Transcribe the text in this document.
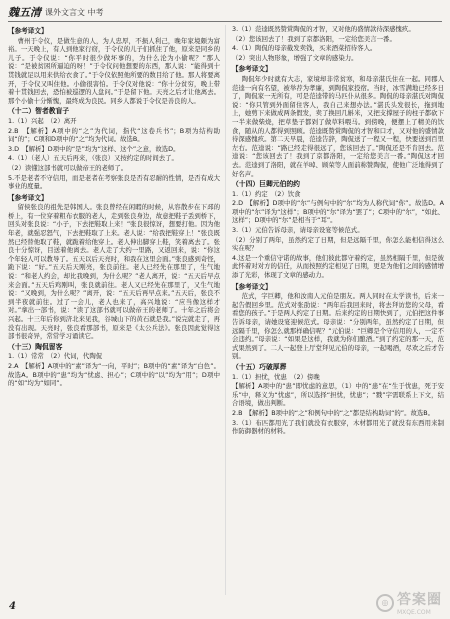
魏五清 课外文言文 中考
【参考译文】

曹州于令仪，是做生意的人，为人忠厚，不损人利己，晚年家境颇为富裕。一天晚上，有人到他家行窃，于令仪的儿子们抓住了他，原来是同乡的儿子。于令仪说：“你平时很少做坏事的，为什么沦为小偷呢？”那人说：“是被贫困所逼迫的呀！”于令仪问他想要的东西，那人说：“能得到十贯钱就足以用来供给衣食了。”于令仪依照他所要的数目给了他。那人将要离开，于令仪又叫住他。小偷很害怕。于令仪对他说：“你十分贫穷，晚上带着十贯钱回去，恐怕被巡逻的人盘问。”于是留下他。天亮之后才让他离去。那个小偷十分惭愧，最终成为良民。同乡人都说于令仪是善良的人。

（十二）智者教盲子

1.（1）兴起　（2）离开

2.B　【解析】A项中的“之”为代词，指代“这卷兵书”；B项为结构助词“的”；C项和D项中的“之”均为代词。故选B。

3.D　【解析】D项中的“是”均为“这样、这个”之意，故选D。

4.（1）（老人）五天后再来，（张良）又按约定的时间去了。

（2）读懂这部书就可以做帝王的老师了。

5.不是老者不守信用，而是老者在考察张良是否有忍耐的性情，是否有成大事业的度量。

【参考译文】

留侯张良的祖先是韩国人。张良曾经在闲暇的时候，从容散步在下邳的桥上，有一位穿着粗布衣服的老人，走到张良身边，故意把鞋子丢到桥下，回头对张良说：“小子，下去把鞋取上来！”张良很惊讶，想要打他。因为他年老，就强忍怒气，下去把鞋取了上来。老人说：“给我把鞋穿上！”张良既然已经替他取了鞋，就跪着给他穿上。老人伸出脚穿上鞋，笑着离去了。张良十分惊讶，目送着他离去。老人走了大约一里路，又返回来，说：“你这个年轻人可以教导了。五天以后天亮时，和我在这里会面。”张良感到奇怪，跪下说：“好。”五天后天刚亮，张良前往。老人已经先在那里了，生气地说：“和老人约会，却比我晚到，为什么呢？”老人离开，说：“五天后早点来会面。”五天后鸡刚叫，张良就前往。老人又已经先在那里了，又生气地说：“又晚到，为什么呢？”离开，说：“五天后再早点来。”五天后，张良不到半夜就前往。过了一会儿，老人也来了，高兴地说：“应当像这样才对。”拿出一部书，说：“读了这部书就可以做帝王的老师了。十年之后将会兴起。十三年后你到济北来见我，谷城山下的黄石就是我。”说完就走了，再没有出现。天亮时，张良看那部书，原来是《太公兵法》。张良因此觉得这部书很奇异，常常学习诵读它。

（十三）陶侃留客

1.（1）常常　（2）代词，代陶侃

2.A　【解析】A项中的“素”译为“一向，平时”；B项中的“素”译为“白色”。故选A。B项中的“患”均为“忧虑、担心”；C项中的“以”均为“用”；D项中的“如”均为“如同”。

3.（1）范逵既然赞赏陶侃的才智，又对他的盛情款待深感愧疚。

（2）您该回去了！我到了京都洛阳，一定给您美言一番。

4.（1）陶侃的母亲截发卖钱，买来酒菜招待客人。

（2）突出人物形象，增强了文章的感染力。

【参考译文】

陶侃年少时就有大志，家境却非常贫寒，和母亲湛氏住在一起。同郡人范逵一向有名望，被举荐为孝廉，到陶侃家投宿。当时，冰雪满地已经多日了，陶侃家一无所有，可是范逵带的马匹仆从很多。陶侃的母亲湛氏对陶侃说：“你只管到外面留住客人，我自己来想办法。”湛氏头发很长，拖到地上，她剪下来做成两条假发，卖了换回几斛米，又把支撑屋子的柱子都砍下一半来做柴烧，把草垫子都剁了做草料喂马。到傍晚，便摆上了精美的饮食，随从的人都得到照顾。范逵既赞赏陶侃的才智和口才，又对他的盛情款待深感愧疚。第二天早晨，范逵告辞，陶侃送了一程又一程，快要送到百里左右。范逵说：“路已经走得很远了，您该回去了。”陶侃还是不肯回去。范逵说：“您该回去了！我到了京都洛阳，一定给您美言一番。”陶侃这才回去。范逵到了洛阳，就在羊晫、顾荣等人面前称赞陶侃，使他广泛地得到了好名声。

（十四）巨卿元伯的约

1.（1）约定　（2）饮食

2.D　【解析】D项中的“尔”与例句中的“尔”均为人称代词“你”。故选D。A项中的“尔”译为“这样”；B项中的“尔”译为“罢了”；C项中的“尔”，“如此、这样”；D项中的“尔”是相当于“耳”。

3.（1）元伯告诉母亲，请母亲设宴等候范式。

（2）分别了两年，虽然约定了日期，但是远隔千里，你怎么能相信得这么实在呢？

4.这是一个重信守诺的故事，他们彼此都守着约定，虽然相隔千里，但是彼此怀着对对方的信任，从而按照约定相见了日期，更是为他们之间的感情增添了光彩，体现了文章的感动力。

【参考译文】

范式，字巨卿，他和汝南人元伯是朋友。两人同时在太学读书，后来一起告假回乡里。范式对张劭说：“两年后我回来时，将去拜访您的父母，看看您的孩子。”于是两人约定了日期。后来约定的日期快到了，元伯把这件事告诉母亲，请她设宴迎候范式。母亲说：“分别两年，虽然约定了日期，但远隔千里，你怎么就那样确信呢？”元伯说：“巨卿是个守信用的人，一定不会违约。”母亲说：“如果是这样，我就为你们酿酒。”到了约定的那一天，范式果然到了。二人一起登上厅堂拜见元伯的母亲，一起喝酒，尽欢之后才告别。

（十五）巧破厚葬

1.（1）担忧，忧患　（2）傍晚

【解析】A项中的“患”即忧虑的意思，（1）中的“患”在“生于忧患，死于安乐”中，释义为“忧虑”，所以选择“担忧，忧患”；“戮”字需联系上下文，结合语境，做出判断。

2.B　【解析】B项中的“之”和例句中的“之”都是结构助词“的”。故选B。

3.（1）布匹都用光了我们就没有衣服穿，木材都用光了就没有东西用来制作防御器材的材料。

4	◎ 答案圈
MXQE.COM
